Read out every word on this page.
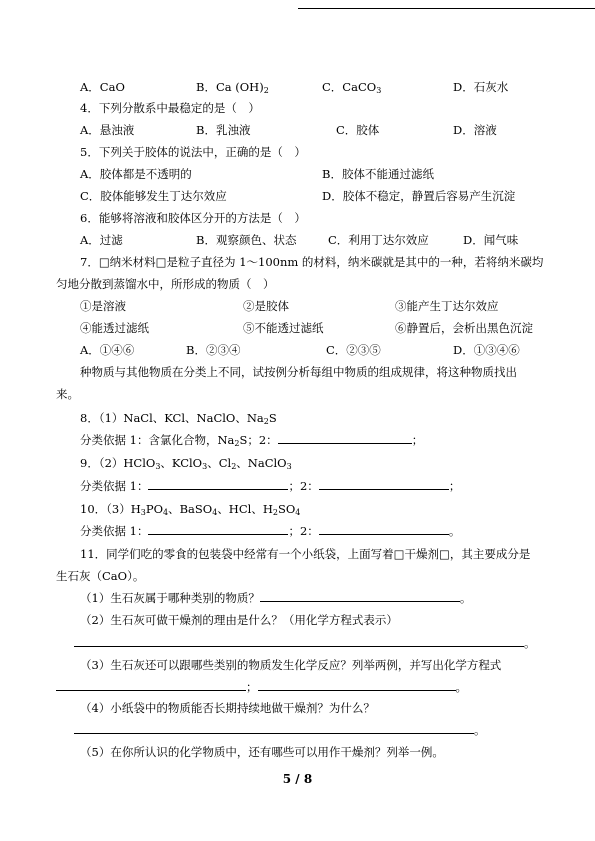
A．CaO	B．Ca $(OH)_2$	C．CaCO$_3$	D．石灰水
4．下列分散系中最稳定的是（　）
A．悬浊液	B．乳浊液	C．胶体	D．溶液
5．下列关于胶体的说法中，正确的是（　）
A．胶体都是不透明的	B．胶体不能通过滤纸
C．胶体能够发生丁达尔效应	D．胶体不稳定，静置后容易产生沉淀
6．能够将溶液和胶体区分开的方法是（　）
A．过滤	B．观察颜色、状态	C．利用丁达尔效应	D．闻气味
7．□纳米材料□是粒子直径为 1～100nm 的材料，纳米碳就是其中的一种，若将纳米碳均
匀地分散到蒸馏水中，所形成的物质（　）
①是溶液	②是胶体	③能产生丁达尔效应
④能透过滤纸	⑤不能透过滤纸	⑥静置后，会析出黑色沉淀
A．①④⑥	B．②③④	C．②③⑤	D．①③④⑥
种物质与其他物质在分类上不同，试按例分析每组中物质的组成规律，将这种物质找出
来。
8．（1）NaCl、KCl、NaClO、$Na_2S$
分类依据 1：含氯化合物，$Na_2S$；2：	；
9．（2）HClO$_3$、KClO$_3$、$Cl_2$、NaClO$_3$
分类依据 1：	；2：	；
10．$(3)H_3PO_4$、BaSO$_4$、HCl、$H_2SO_4$
分类依据 1：	；2：	。
11．同学们吃的零食的包装袋中经常有一个小纸袋，上面写着□干燥剂□，其主要成分是
生石灰（CaO）。
（1）生石灰属于哪种类别的物质？	。
（2）生石灰可做干燥剂的理由是什么？（用化学方程式表示）
。
（3）生石灰还可以跟哪些类别的物质发生化学反应？列举两例，并写出化学方程式
；	。
（4）小纸袋中的物质能否长期持续地做干燥剂？为什么？
。
（5）在你所认识的化学物质中，还有哪些可以用作干燥剂？列举一例。
5 / 8
